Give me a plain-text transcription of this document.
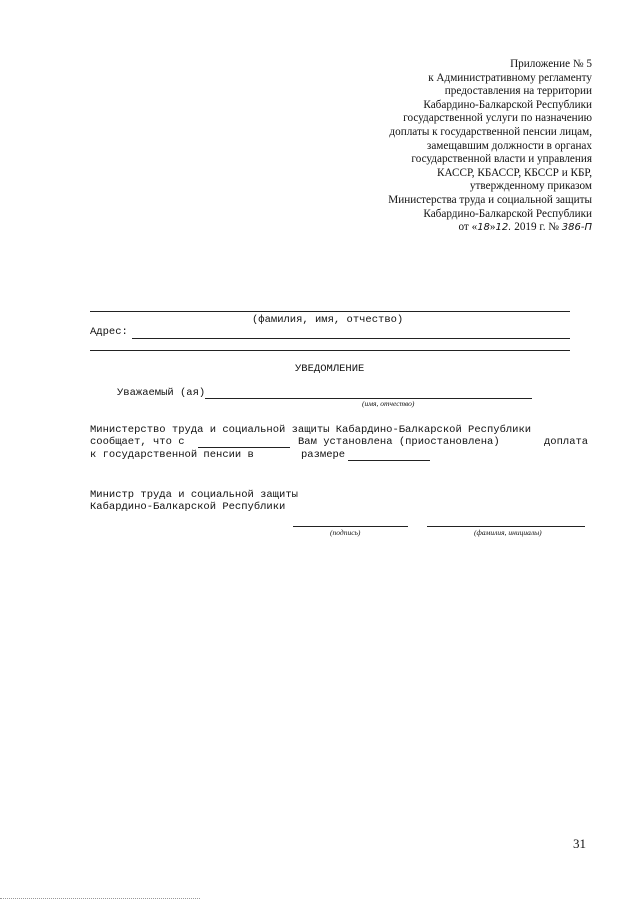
Приложение № 5
к Административному регламенту
предоставления на территории
Кабардино-Балкарской Республики
государственной услуги по назначению
доплаты к государственной пенсии лицам,
замещавшим должности в органах
государственной власти и управления
КАССР, КБАССР, КБССР и КБР,
утвержденному приказом
Министерства труда и социальной защиты
Кабардино-Балкарской Республики
от «18»12. 2019 г. № 386-П
(фамилия, имя, отчество)
Адрес:
УВЕДОМЛЕНИЕ
Уважаемый (ая)
(имя, отчество)
Министерство труда и социальной защиты Кабардино-Балкарской Республики
сообщает, что с	Вам установлена (приостановлена)	доплата
к государственной пенсии в	размере
Министр труда и социальной защиты
Кабардино-Балкарской Республики
(подпись)	(фамилия, инициалы)
31
